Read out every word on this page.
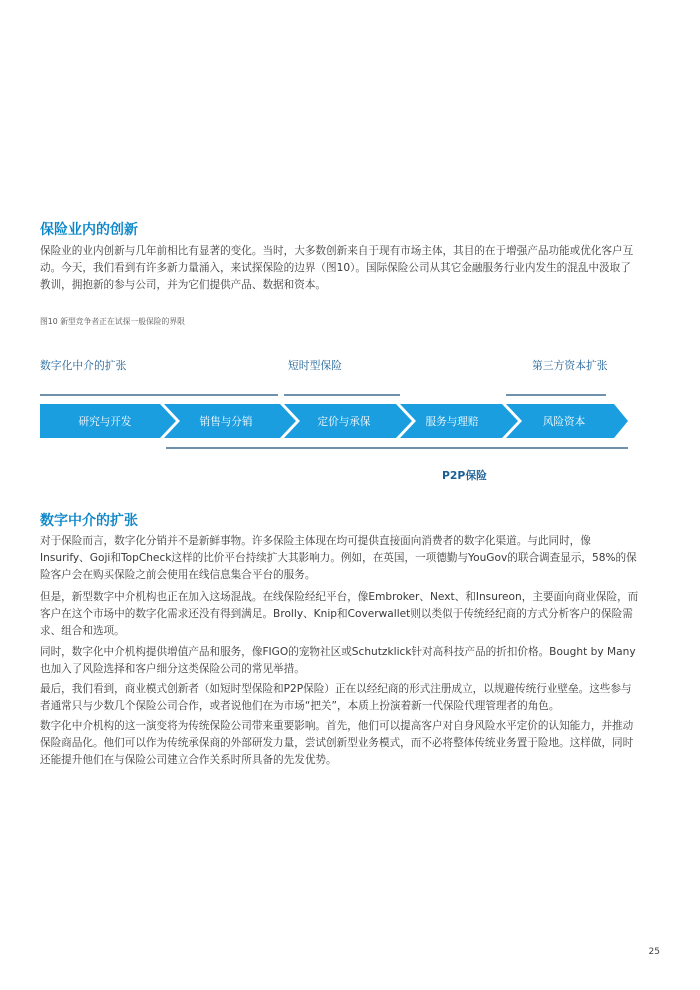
保险业内的创新

保险业的业内创新与几年前相比有显著的变化。当时，大多数创新来自于现有市场主体，其目的在于增强产品功能或优化客户互动。今天，我们看到有许多新力量涌入，来试探保险的边界（图10）。国际保险公司从其它金融服务行业内发生的混乱中汲取了教训，拥抱新的参与公司，并为它们提供产品、数据和资本。

图10 新型竞争者正在试探一般保险的界限

数字化中介的扩张	短时型保险	第三方资本扩张
研究与开发	销售与分销	定价与承保	服务与理赔	风险资本
P2P保险
数字中介的扩张

对于保险而言，数字化分销并不是新鲜事物。许多保险主体现在均可提供直接面向消费者的数字化渠道。与此同时，像Insurify、Goji和TopCheck这样的比价平台持续扩大其影响力。例如，在英国，一项德勤与YouGov的联合调查显示，58%的保险客户会在购买保险之前会使用在线信息集合平台的服务。

但是，新型数字中介机构也正在加入这场混战。在线保险经纪平台，像Embroker、Next、和Insureon，主要面向商业保险，而客户在这个市场中的数字化需求还没有得到满足。Brolly、Knip和Coverwallet则以类似于传统经纪商的方式分析客户的保险需求、组合和选项。

同时，数字化中介机构提供增值产品和服务，像FIGO的宠物社区或Schutzklick针对高科技产品的折扣价格。Bought by Many也加入了风险选择和客户细分这类保险公司的常见举措。

最后，我们看到，商业模式创新者（如短时型保险和P2P保险）正在以经纪商的形式注册成立，以规避传统行业壁垒。这些参与者通常只与少数几个保险公司合作，或者说他们在为市场“把关”，本质上扮演着新一代保险代理管理者的角色。

数字化中介机构的这一演变将为传统保险公司带来重要影响。首先，他们可以提高客户对自身风险水平定价的认知能力，并推动保险商品化。他们可以作为传统承保商的外部研发力量，尝试创新型业务模式，而不必将整体传统业务置于险地。这样做，同时还能提升他们在与保险公司建立合作关系时所具备的先发优势。

25
